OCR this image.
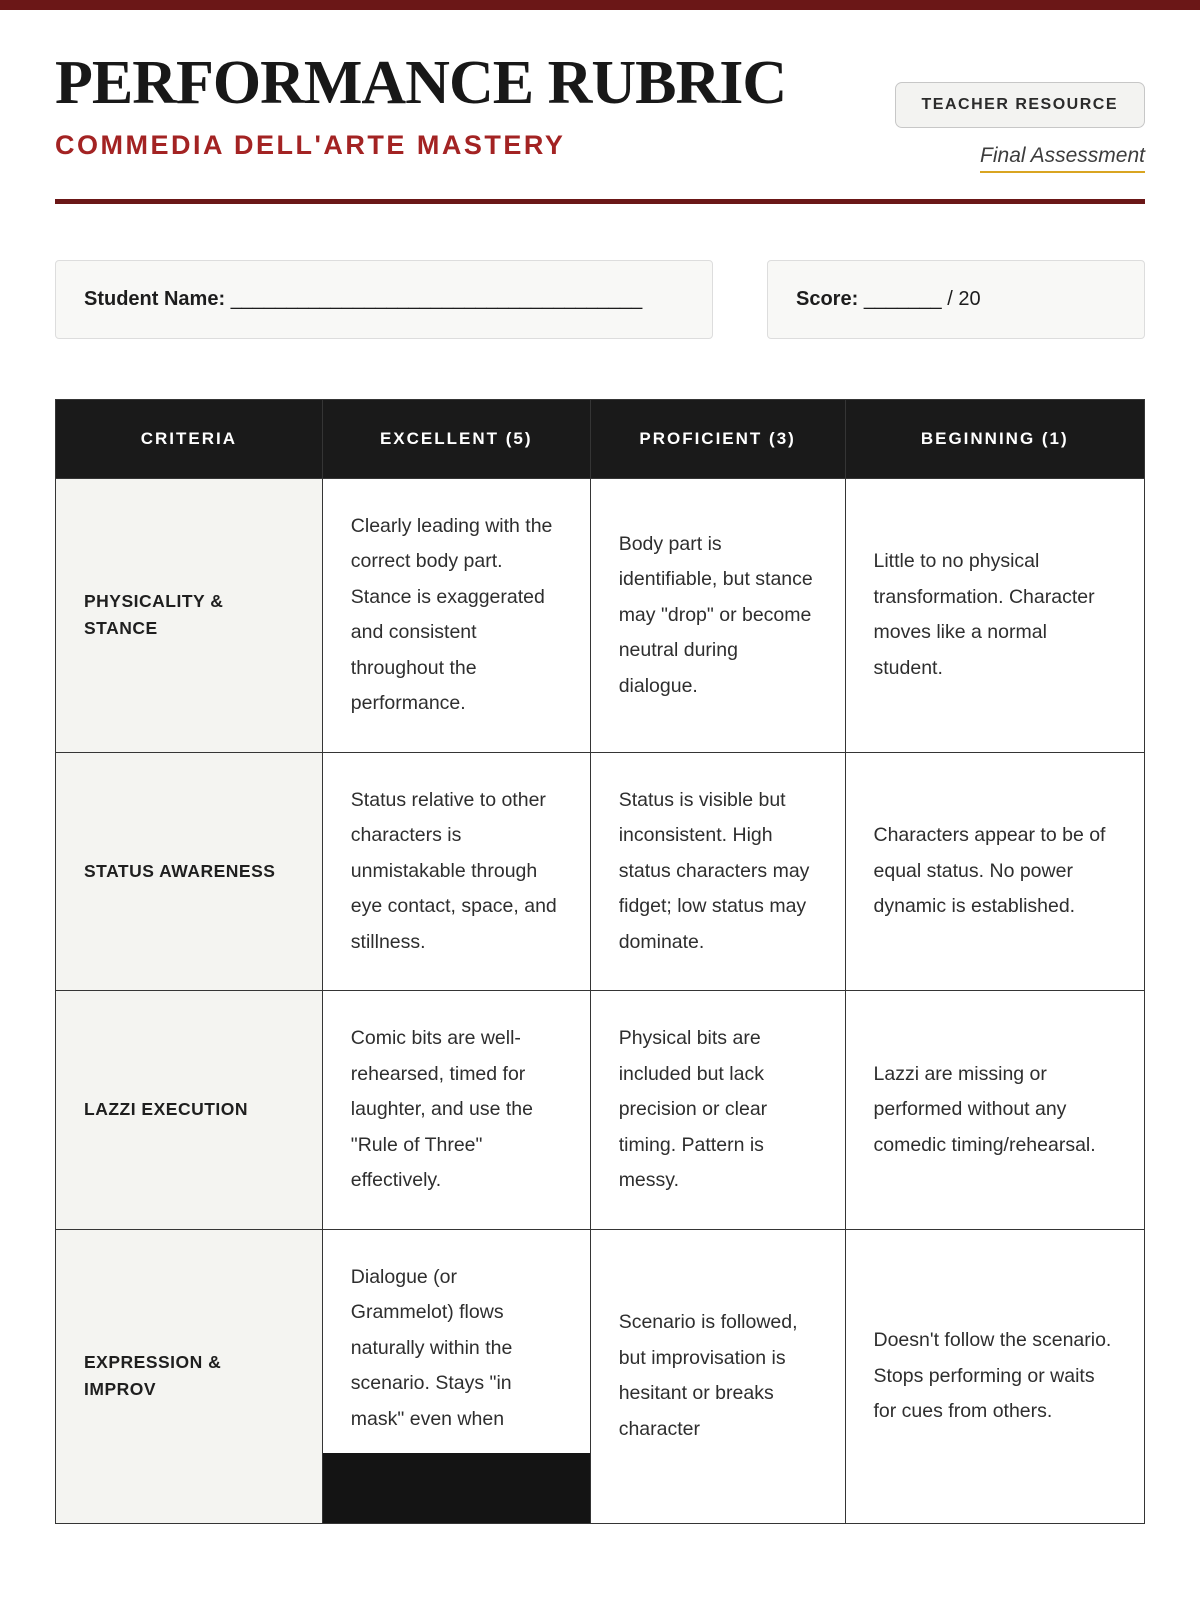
PERFORMANCE RUBRIC
COMMEDIA DELL'ARTE MASTERY
TEACHER RESOURCE
Final Assessment
Student Name: _____________________________________	Score: _______ / 20
CRITERIA	EXCELLENT (5)	PROFICIENT (3)	BEGINNING (1)
PHYSICALITY & STANCE	Clearly leading with the correct body part. Stance is exaggerated and consistent throughout the performance.	Body part is identifiable, but stance may "drop" or become neutral during dialogue.	Little to no physical transformation. Character moves like a normal student.
STATUS AWARENESS	Status relative to other characters is unmistakable through eye contact, space, and stillness.	Status is visible but inconsistent. High status characters may fidget; low status may dominate.	Characters appear to be of equal status. No power dynamic is established.
LAZZI EXECUTION	Comic bits are well-rehearsed, timed for laughter, and use the "Rule of Three" effectively.	Physical bits are included but lack precision or clear timing. Pattern is messy.	Lazzi are missing or performed without any comedic timing/rehearsal.
EXPRESSION & IMPROV	Dialogue (or Grammelot) flows naturally within the scenario. Stays "in mask" even when	Scenario is followed, but improvisation is hesitant or breaks character	Doesn't follow the scenario. Stops performing or waits for cues from others.
